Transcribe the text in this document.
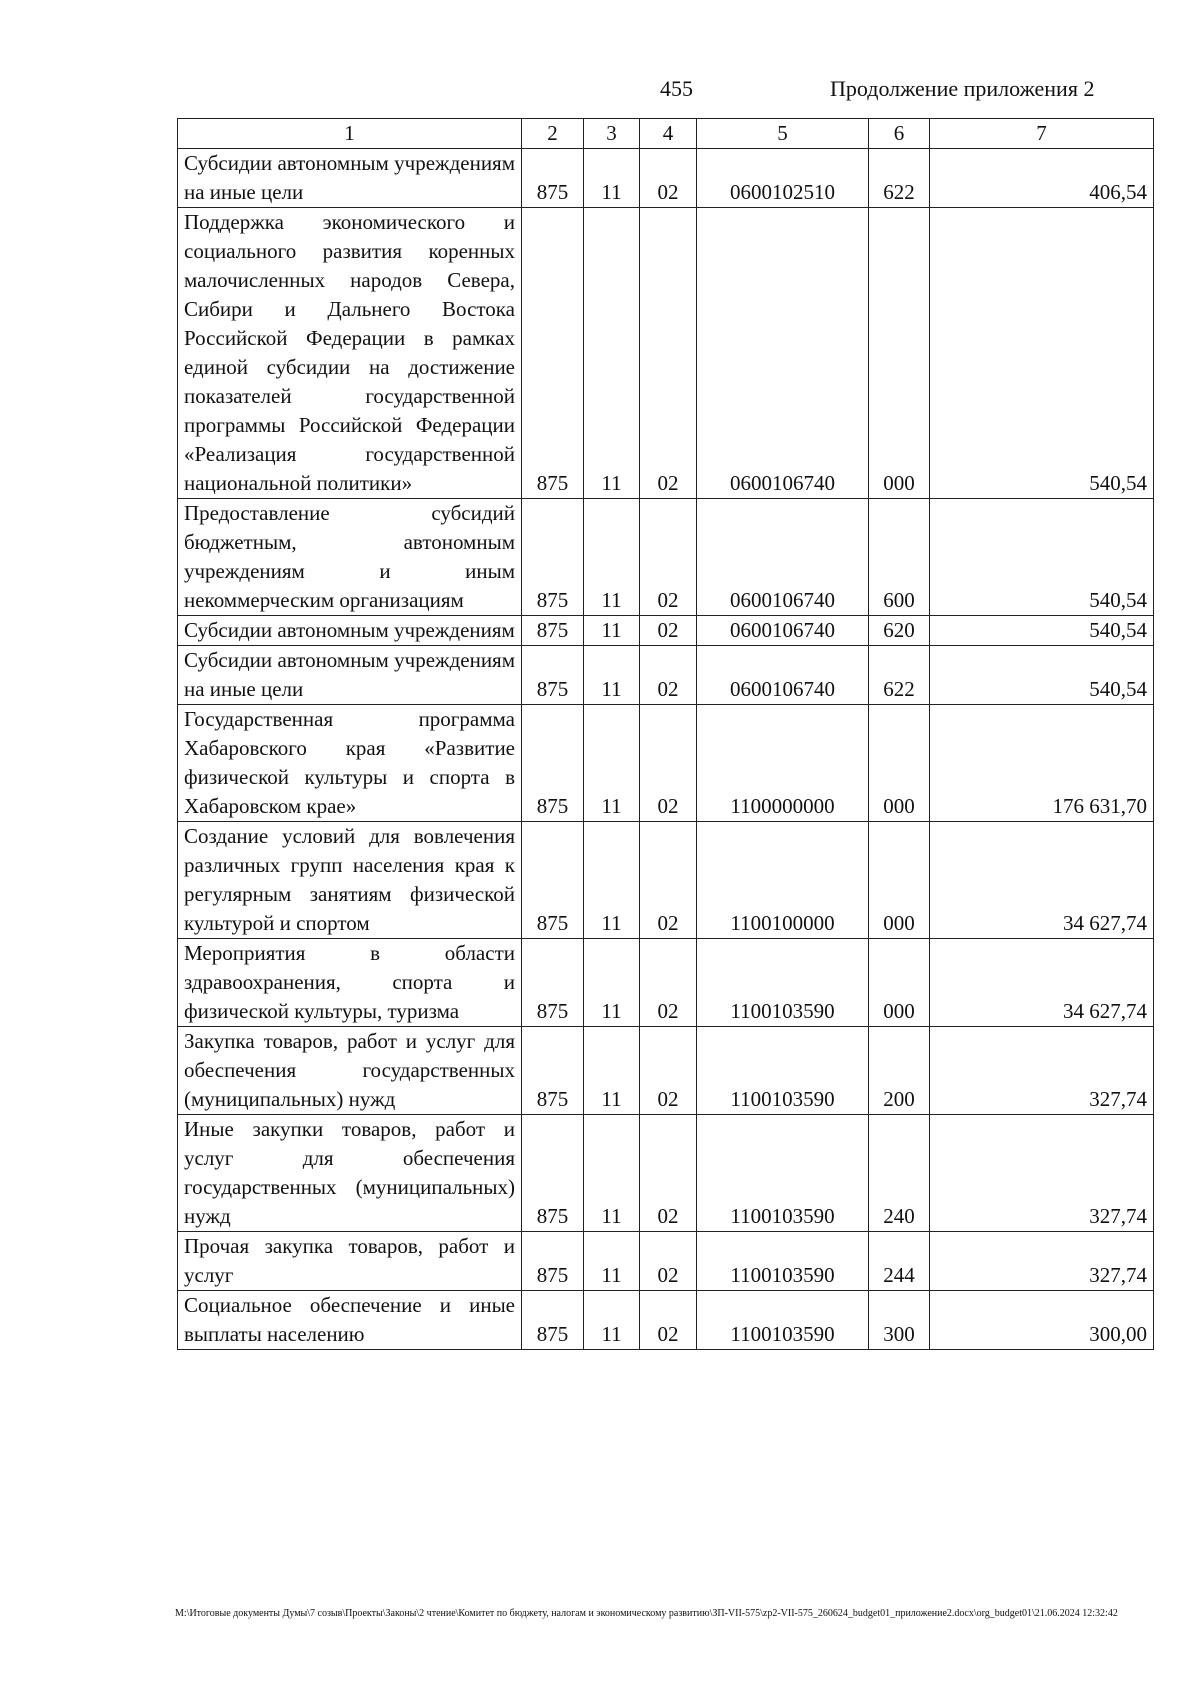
455	Продолжение приложения 2
1	2	3	4	5	6	7
Субсидии автономным учреждениям на иные цели	875	11	02	0600102510	622	406,54
Поддержка экономического и социального развития коренных малочисленных народов Севера, Сибири и Дальнего Востока Российской Федерации в рамках единой субсидии на достижение показателей государственной программы Российской Федерации «Реализация государственной национальной политики»	875	11	02	0600106740	000	540,54
Предоставление субсидий бюджетным, автономным учреждениям и иным некоммерческим организациям	875	11	02	0600106740	600	540,54
Субсидии автономным учреждениям	875	11	02	0600106740	620	540,54
Субсидии автономным учреждениям на иные цели	875	11	02	0600106740	622	540,54
Государственная программа Хабаровского края «Развитие физической культуры и спорта в Хабаровском крае»	875	11	02	1100000000	000	176 631,70
Создание условий для вовлечения различных групп населения края к регулярным занятиям физической культурой и спортом	875	11	02	1100100000	000	34 627,74
Мероприятия в области здравоохранения, спорта и физической культуры, туризма	875	11	02	1100103590	000	34 627,74
Закупка товаров, работ и услуг для обеспечения государственных (муниципальных) нужд	875	11	02	1100103590	200	327,74
Иные закупки товаров, работ и услуг для обеспечения государственных (муниципальных) нужд	875	11	02	1100103590	240	327,74
Прочая закупка товаров, работ и услуг	875	11	02	1100103590	244	327,74
Социальное обеспечение и иные выплаты населению	875	11	02	1100103590	300	300,00
M:\Итоговые документы Думы\7 созыв\Проекты\Законы\2 чтение\Комитет по бюджету, налогам и экономическому развитию\ЗП-VII-575\zp2-VII-575_260624_budget01_приложение2.docx\org_budget01\21.06.2024 12:32:42
